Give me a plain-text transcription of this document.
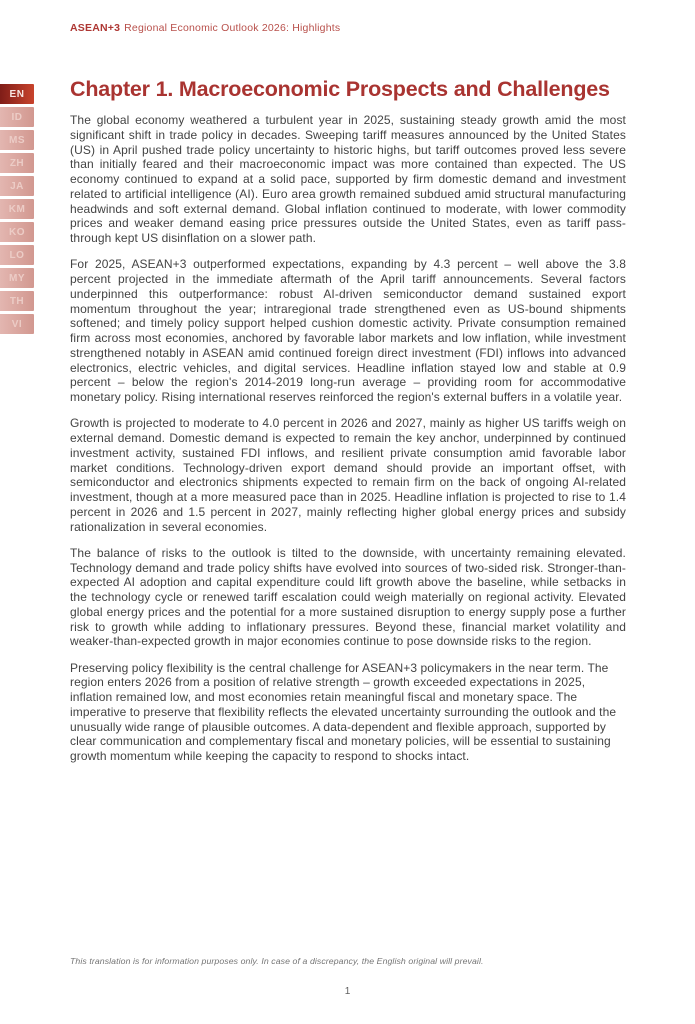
ASEAN+3 Regional Economic Outlook 2026: Highlights
EN
ID
MS
ZH
JA
KM
KO
LO
MY
TH
VI
Chapter 1. Macroeconomic Prospects and Challenges

The global economy weathered a turbulent year in 2025, sustaining steady growth amid the most significant shift in trade policy in decades. Sweeping tariff measures announced by the United States (US) in April pushed trade policy uncertainty to historic highs, but tariff outcomes proved less severe than initially feared and their macroeconomic impact was more contained than expected. The US economy continued to expand at a solid pace, supported by firm domestic demand and investment related to artificial intelligence (AI). Euro area growth remained subdued amid structural manufacturing headwinds and soft external demand. Global inflation continued to moderate, with lower commodity prices and weaker demand easing price pressures outside the United States, even as tariff pass-through kept US disinflation on a slower path.

For 2025, ASEAN+3 outperformed expectations, expanding by 4.3 percent – well above the 3.8 percent projected in the immediate aftermath of the April tariff announcements. Several factors underpinned this outperformance: robust AI-driven semiconductor demand sustained export momentum throughout the year; intraregional trade strengthened even as US-bound shipments softened; and timely policy support helped cushion domestic activity. Private consumption remained firm across most economies, anchored by favorable labor markets and low inflation, while investment strengthened notably in ASEAN amid continued foreign direct investment (FDI) inflows into advanced electronics, electric vehicles, and digital services. Headline inflation stayed low and stable at 0.9 percent – below the region's 2014-2019 long-run average – providing room for accommodative monetary policy. Rising international reserves reinforced the region's external buffers in a volatile year.

Growth is projected to moderate to 4.0 percent in 2026 and 2027, mainly as higher US tariffs weigh on external demand. Domestic demand is expected to remain the key anchor, underpinned by continued investment activity, sustained FDI inflows, and resilient private consumption amid favorable labor market conditions. Technology-driven export demand should provide an important offset, with semiconductor and electronics shipments expected to remain firm on the back of ongoing AI-related investment, though at a more measured pace than in 2025. Headline inflation is projected to rise to 1.4 percent in 2026 and 1.5 percent in 2027, mainly reflecting higher global energy prices and subsidy rationalization in several economies.

The balance of risks to the outlook is tilted to the downside, with uncertainty remaining elevated. Technology demand and trade policy shifts have evolved into sources of two-sided risk. Stronger-than-expected AI adoption and capital expenditure could lift growth above the baseline, while setbacks in the technology cycle or renewed tariff escalation could weigh materially on regional activity. Elevated global energy prices and the potential for a more sustained disruption to energy supply pose a further risk to growth while adding to inflationary pressures. Beyond these, financial market volatility and weaker-than-expected growth in major economies continue to pose downside risks to the region.

Preserving policy flexibility is the central challenge for ASEAN+3 policymakers in the near term. The region enters 2026 from a position of relative strength – growth exceeded expectations in 2025, inflation remained low, and most economies retain meaningful fiscal and monetary space. The imperative to preserve that flexibility reflects the elevated uncertainty surrounding the outlook and the unusually wide range of plausible outcomes. A data-dependent and flexible approach, supported by clear communication and complementary fiscal and monetary policies, will be essential to sustaining growth momentum while keeping the capacity to respond to shocks intact.

This translation is for information purposes only. In case of a discrepancy, the English original will prevail.
1
